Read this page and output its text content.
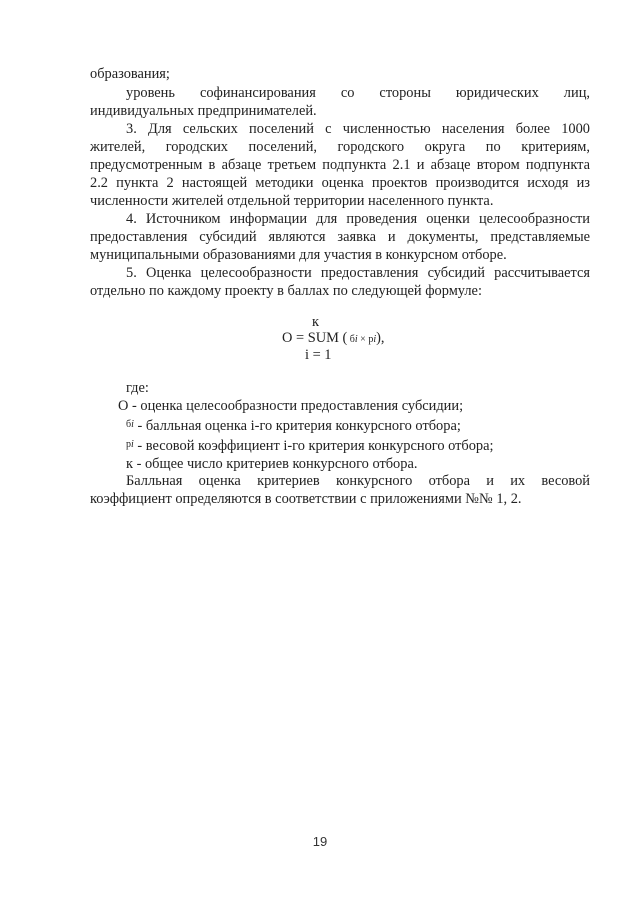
образования;
уровень софинансирования со стороны юридических лиц,
индивидуальных предпринимателей.
3. Для сельских поселений с численностью населения более 1000
жителей, городских поселений, городского округа по критериям,
предусмотренным в абзаце третьем подпункта 2.1 и абзаце втором подпункта
2.2 пункта 2 настоящей методики оценка проектов производится исходя из
численности жителей отдельной территории населенного пункта.
4. Источником информации для проведения оценки целесообразности
предоставления субсидий являются заявка и документы, представляемые
муниципальными образованиями для участия в конкурсном отборе.
5. Оценка целесообразности предоставления субсидий рассчитывается
отдельно по каждому проекту в баллах по следующей формуле:
к
О = SUM ( бi × рi),
i = 1
где:
О - оценка целесообразности предоставления субсидии;
$^{бi}$ - балльная оценка i-го критерия конкурсного отбора;
$^{рi}$ - весовой коэффициент i-го критерия конкурсного отбора;
к - общее число критериев конкурсного отбора.
Балльная оценка критериев конкурсного отбора и их весовой
коэффициент определяются в соответствии с приложениями №№ 1, 2.
19
